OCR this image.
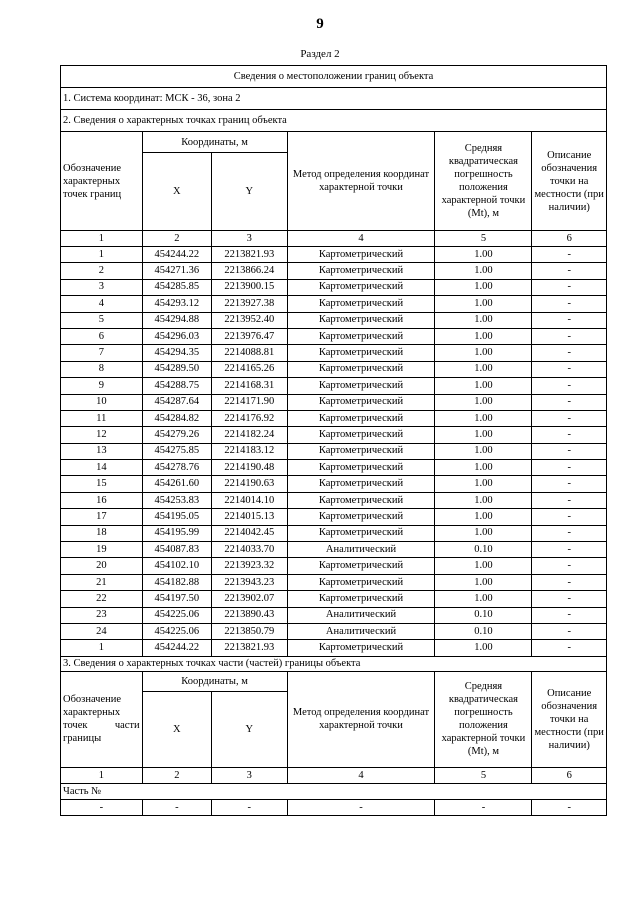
9
Раздел 2
Сведения о местоположении границ объекта					
1. Система координат: МСК - 36, зона 2					
2. Сведения о характерных точках границ объекта					
Обозначение характерных точек границ	Координаты, м		Метод определения координат характерной точки	Средняя квадратическая погрешность положения характерной точки (Mt), м	Описание обозначения точки на местности (при наличии)
	X	Y			
1	2	3	4	5	6
1	454244.22	2213821.93	Картометрический	1.00	-
2	454271.36	2213866.24	Картометрический	1.00	-
3	454285.85	2213900.15	Картометрический	1.00	-
4	454293.12	2213927.38	Картометрический	1.00	-
5	454294.88	2213952.40	Картометрический	1.00	-
6	454296.03	2213976.47	Картометрический	1.00	-
7	454294.35	2214088.81	Картометрический	1.00	-
8	454289.50	2214165.26	Картометрический	1.00	-
9	454288.75	2214168.31	Картометрический	1.00	-
10	454287.64	2214171.90	Картометрический	1.00	-
11	454284.82	2214176.92	Картометрический	1.00	-
12	454279.26	2214182.24	Картометрический	1.00	-
13	454275.85	2214183.12	Картометрический	1.00	-
14	454278.76	2214190.48	Картометрический	1.00	-
15	454261.60	2214190.63	Картометрический	1.00	-
16	454253.83	2214014.10	Картометрический	1.00	-
17	454195.05	2214015.13	Картометрический	1.00	-
18	454195.99	2214042.45	Картометрический	1.00	-
19	454087.83	2214033.70	Аналитический	0.10	-
20	454102.10	2213923.32	Картометрический	1.00	-
21	454182.88	2213943.23	Картометрический	1.00	-
22	454197.50	2213902.07	Картометрический	1.00	-
23	454225.06	2213890.43	Аналитический	0.10	-
24	454225.06	2213850.79	Аналитический	0.10	-
1	454244.22	2213821.93	Картометрический	1.00	-
3. Сведения о характерных точках части (частей) границы объекта					
Обозначение характерных точек части границы	Координаты, м		Метод определения координат характерной точки	Средняя квадратическая погрешность положения характерной точки (Mt), м	Описание обозначения точки на местности (при наличии)
	X	Y			
1	2	3	4	5	6
Часть №					
-	-	-	-	-	-
